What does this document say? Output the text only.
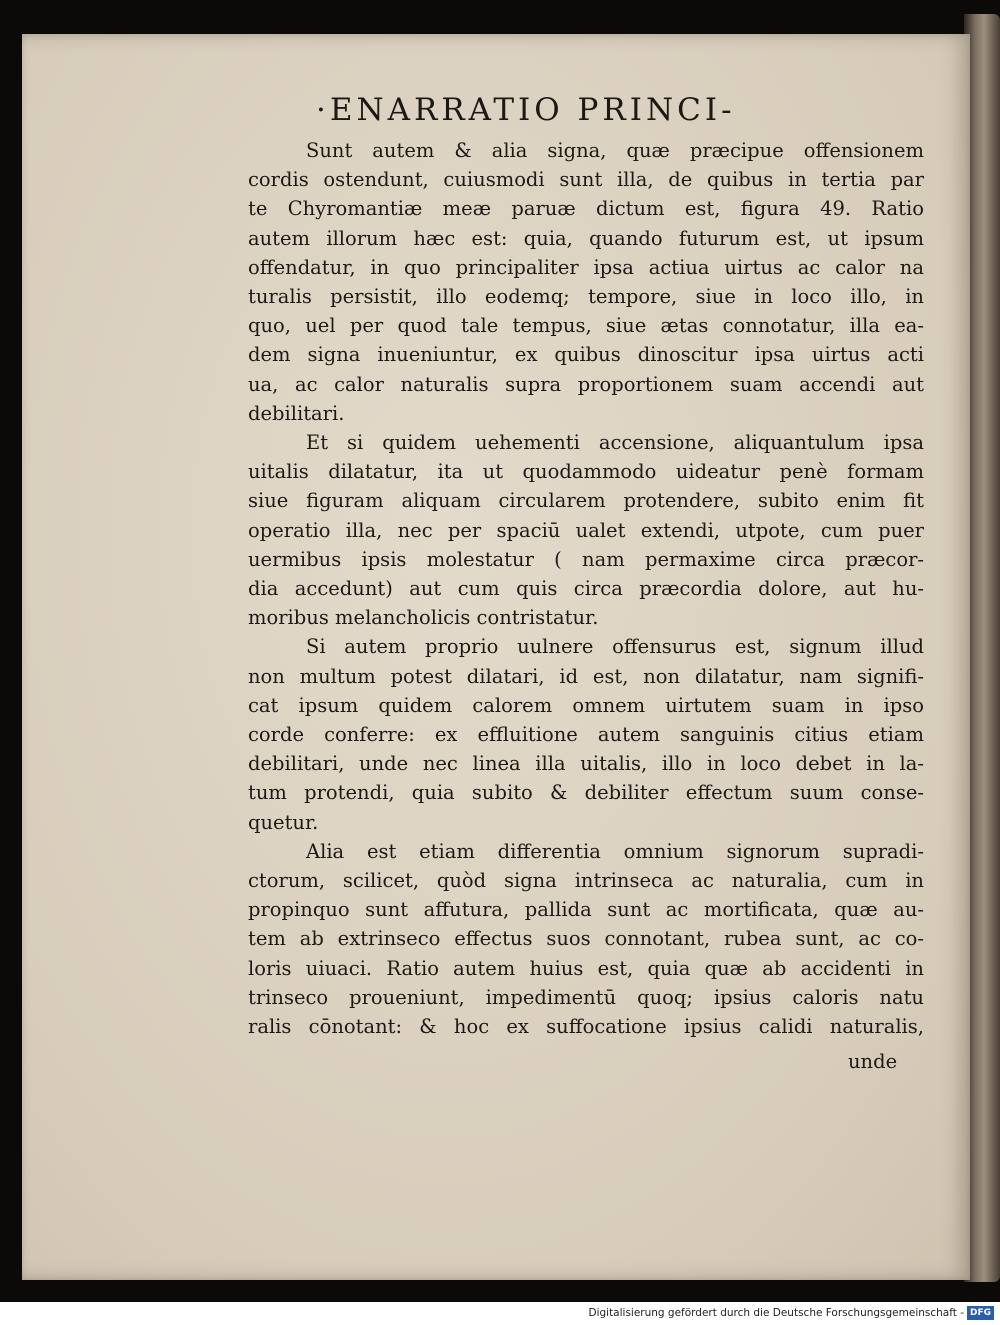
·ENARRATIO PRINCI-
Sunt autem & alia signa, quæ præcipue offensionem
cordis ostendunt, cuiusmodi sunt illa, de quibus in tertia par
te Chyromantiæ meæ paruæ dictum est, figura 49. Ratio
autem illorum hæc est: quia, quando futurum est, ut ipsum
offendatur, in quo principaliter ipsa actiua uirtus ac calor na
turalis persistit, illo eodemq; tempore, siue in loco illo, in
quo, uel per quod tale tempus, siue ætas connotatur, illa ea-
dem signa inueniuntur, ex quibus dinoscitur ipsa uirtus acti
ua, ac calor naturalis supra proportionem suam accendi aut
debilitari.
Et si quidem uehementi accensione, aliquantulum ipsa
uitalis dilatatur, ita ut quodammodo uideatur penè formam
siue figuram aliquam circularem protendere, subito enim fit
operatio illa, nec per spaciū ualet extendi, utpote, cum puer
uermibus ipsis molestatur ( nam permaxime circa præcor-
dia accedunt) aut cum quis circa præcordia dolore, aut hu-
moribus melancholicis contristatur.
Si autem proprio uulnere offensurus est, signum illud
non multum potest dilatari, id est, non dilatatur, nam signifi-
cat ipsum quidem calorem omnem uirtutem suam in ipso
corde conferre: ex effluitione autem sanguinis citius etiam
debilitari, unde nec linea illa uitalis, illo in loco debet in la-
tum protendi, quia subito & debiliter effectum suum conse-
quetur.
Alia est etiam differentia omnium signorum supradi-
ctorum, scilicet, quòd signa intrinseca ac naturalia, cum in
propinquo sunt affutura, pallida sunt ac mortificata, quæ au-
tem ab extrinseco effectus suos connotant, rubea sunt, ac co-
loris uiuaci. Ratio autem huius est, quia quæ ab accidenti in
trinseco proueniunt, impedimentū quoq; ipsius caloris natu
ralis cōnotant: & hoc ex suffocatione ipsius calidi naturalis,
unde
Digitalisierung gefördert durch die Deutsche Forschungsgemeinschaft - DFG
